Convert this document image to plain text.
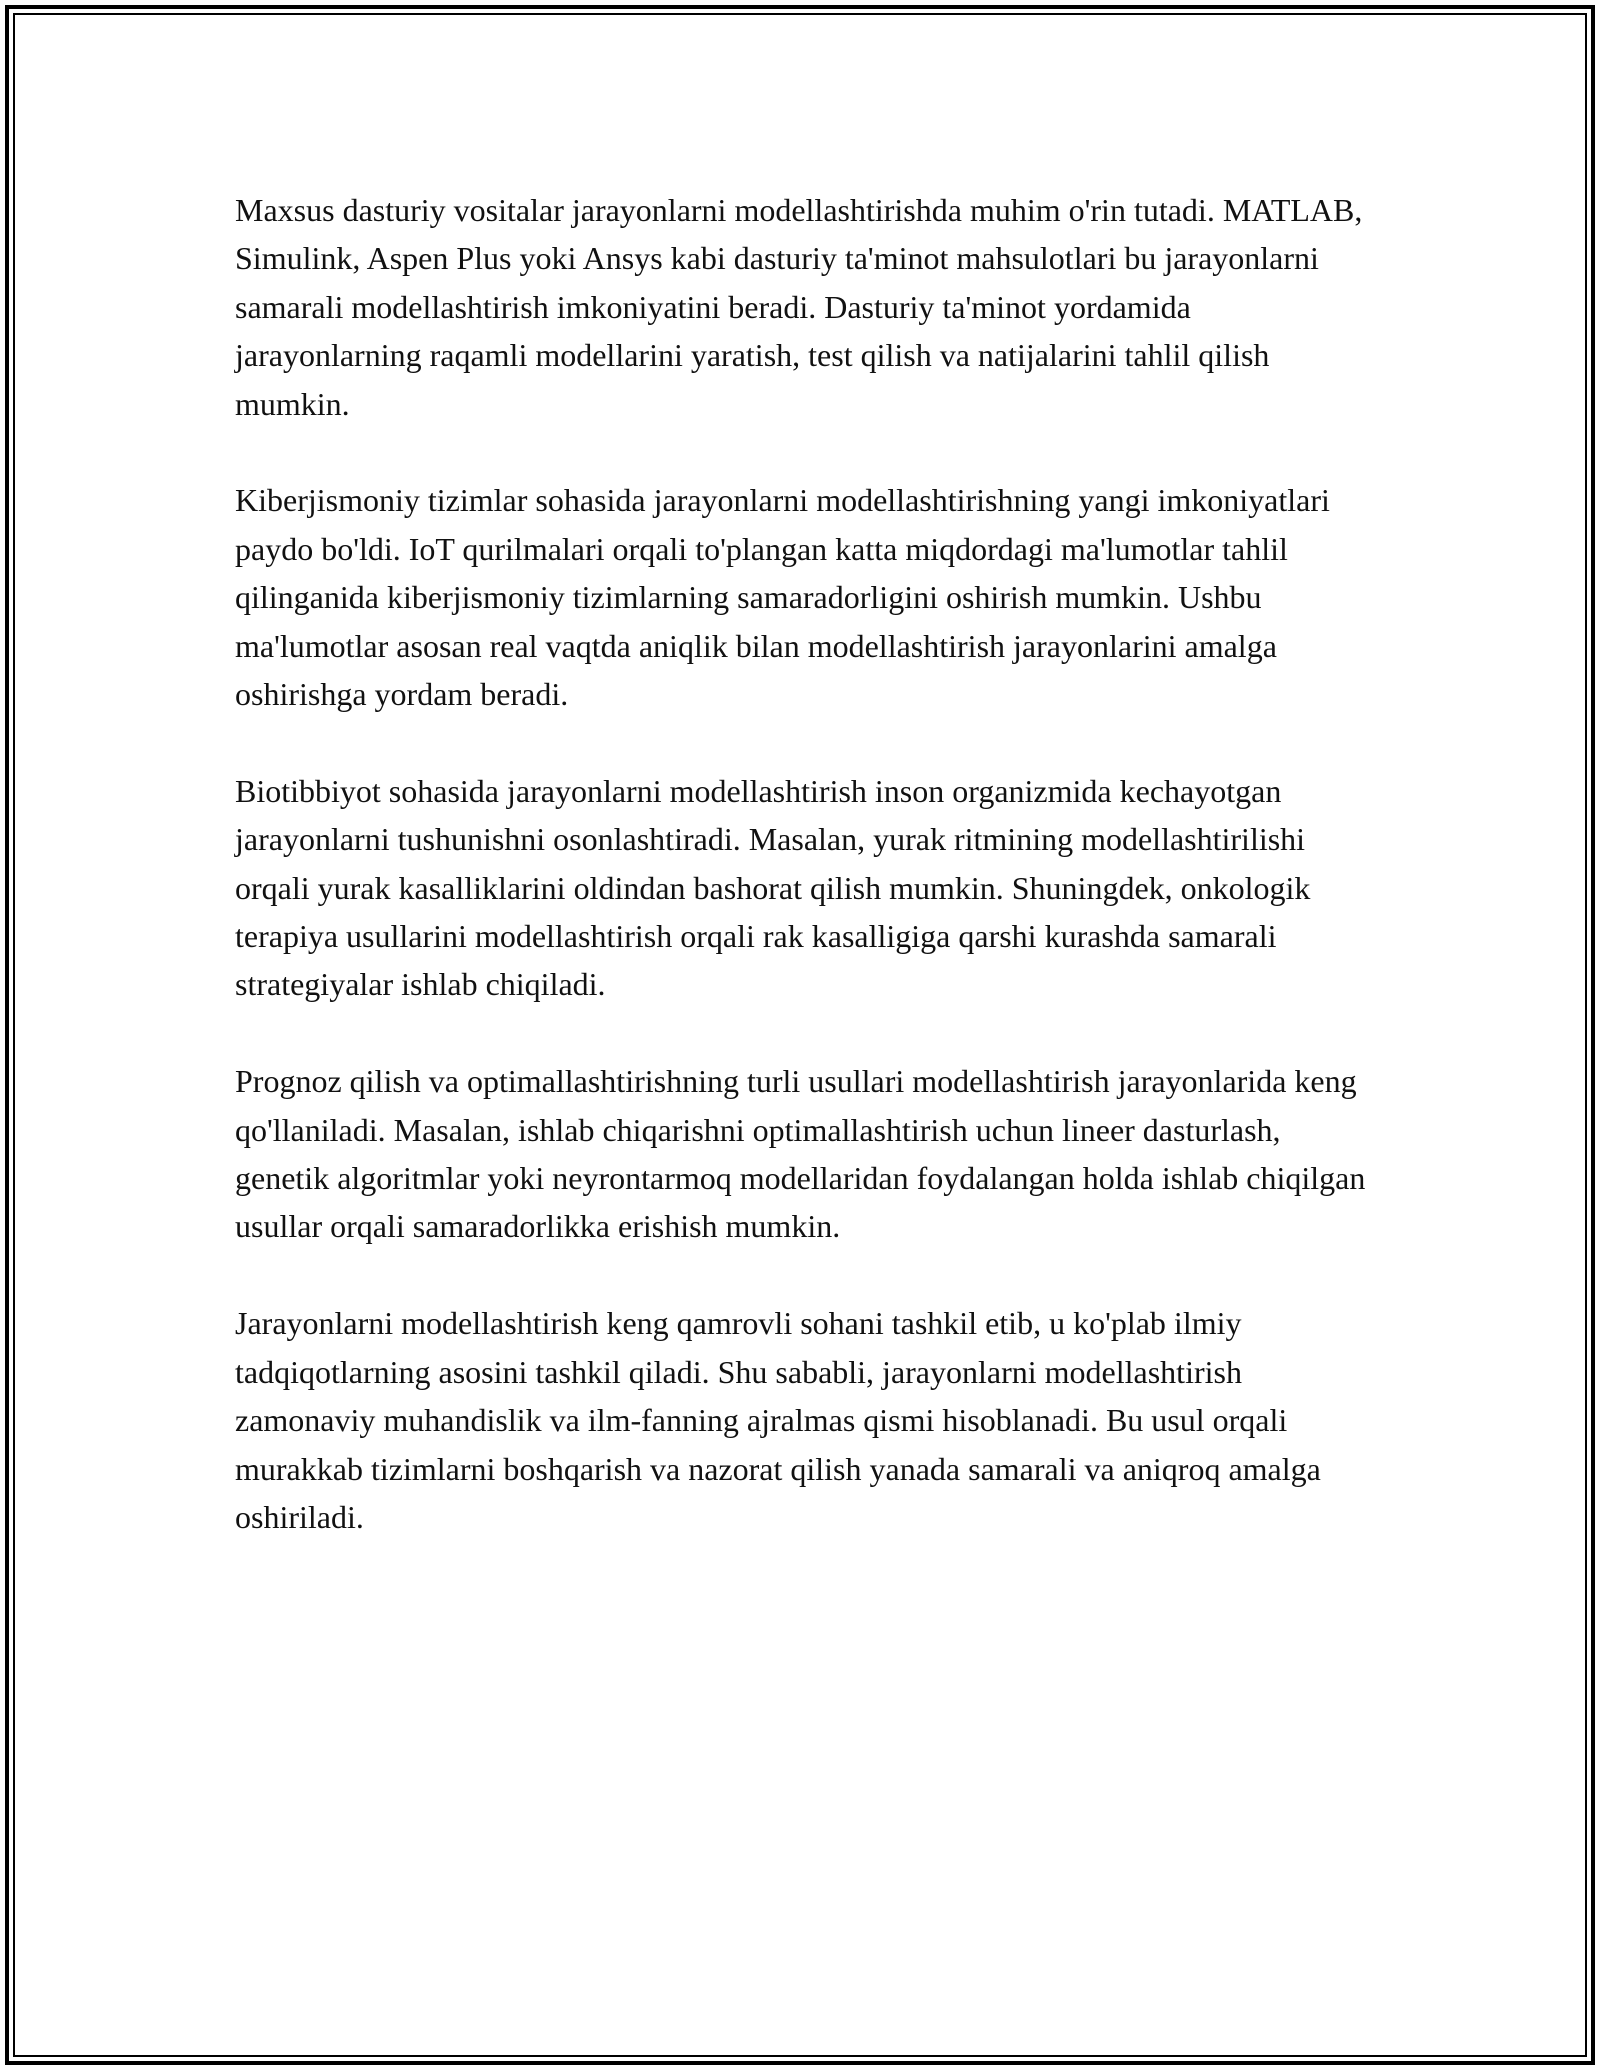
Maxsus dasturiy vositalar jarayonlarni modellashtirishda muhim o'rin tutadi. MATLAB, Simulink, Aspen Plus yoki Ansys kabi dasturiy ta'minot mahsulotlari bu jarayonlarni samarali modellashtirish imkoniyatini beradi. Dasturiy ta'minot yordamida jarayonlarning raqamli modellarini yaratish, test qilish va natijalarini tahlil qilish mumkin.

Kiberjismoniy tizimlar sohasida jarayonlarni modellashtirishning yangi imkoniyatlari paydo bo'ldi. IoT qurilmalari orqali to'plangan katta miqdordagi ma'lumotlar tahlil qilinganida kiberjismoniy tizimlarning samaradorligini oshirish mumkin. Ushbu ma'lumotlar asosan real vaqtda aniqlik bilan modellashtirish jarayonlarini amalga oshirishga yordam beradi.

Biotibbiyot sohasida jarayonlarni modellashtirish inson organizmida kechayotgan jarayonlarni tushunishni osonlashtiradi. Masalan, yurak ritmining modellashtirilishi orqali yurak kasalliklarini oldindan bashorat qilish mumkin. Shuningdek, onkologik terapiya usullarini modellashtirish orqali rak kasalligiga qarshi kurashda samarali strategiyalar ishlab chiqiladi.

Prognoz qilish va optimallashtirishning turli usullari modellashtirish jarayonlarida keng qo'llaniladi. Masalan, ishlab chiqarishni optimallashtirish uchun lineer dasturlash, genetik algoritmlar yoki neyrontarmoq modellaridan foydalangan holda ishlab chiqilgan usullar orqali samaradorlikka erishish mumkin.

Jarayonlarni modellashtirish keng qamrovli sohani tashkil etib, u ko'plab ilmiy tadqiqotlarning asosini tashkil qiladi. Shu sababli, jarayonlarni modellashtirish zamonaviy muhandislik va ilm-fanning ajralmas qismi hisoblanadi. Bu usul orqali murakkab tizimlarni boshqarish va nazorat qilish yanada samarali va aniqroq amalga oshiriladi.
